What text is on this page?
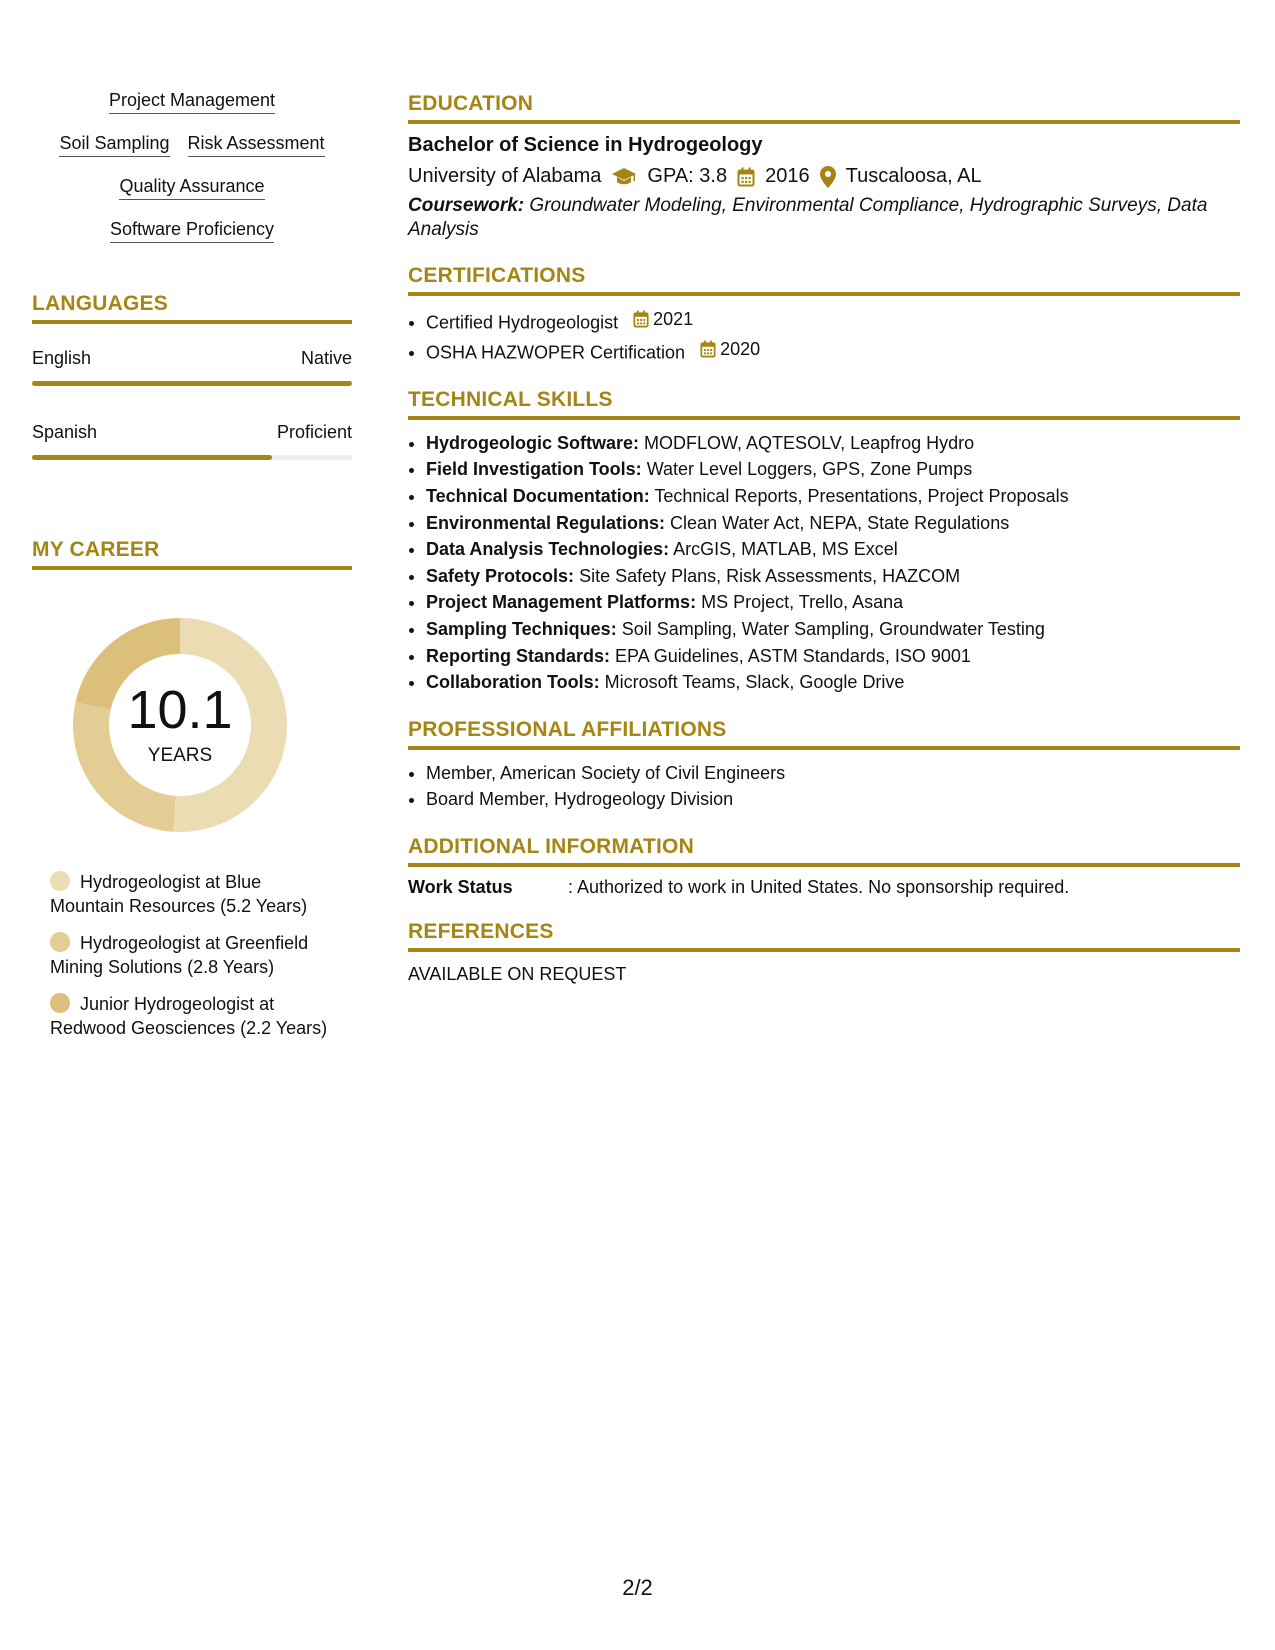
Project Management
Soil Sampling Risk Assessment
Quality Assurance
Software Proficiency
LANGUAGES
English	Native
Spanish	Proficient
MY CAREER
10.1
YEARS
Hydrogeologist at Blue Mountain Resources (5.2 Years)
Hydrogeologist at Greenfield Mining Solutions (2.8 Years)
Junior Hydrogeologist at Redwood Geosciences (2.2 Years)
EDUCATION
Bachelor of Science in Hydrogeology
University of Alabama GPA: 3.8 2016 Tuscaloosa, AL
Coursework: Groundwater Modeling, Environmental Compliance, Hydrographic Surveys, Data Analysis
CERTIFICATIONS
• Certified Hydrogeologist 2021
• OSHA HAZWOPER Certification 2020
TECHNICAL SKILLS
• Hydrogeologic Software: MODFLOW, AQTESOLV, Leapfrog Hydro
• Field Investigation Tools: Water Level Loggers, GPS, Zone Pumps
• Technical Documentation: Technical Reports, Presentations, Project Proposals
• Environmental Regulations: Clean Water Act, NEPA, State Regulations
• Data Analysis Technologies: ArcGIS, MATLAB, MS Excel
• Safety Protocols: Site Safety Plans, Risk Assessments, HAZCOM
• Project Management Platforms: MS Project, Trello, Asana
• Sampling Techniques: Soil Sampling, Water Sampling, Groundwater Testing
• Reporting Standards: EPA Guidelines, ASTM Standards, ISO 9001
• Collaboration Tools: Microsoft Teams, Slack, Google Drive
PROFESSIONAL AFFILIATIONS
• Member, American Society of Civil Engineers
• Board Member, Hydrogeology Division
ADDITIONAL INFORMATION
Work Status	: Authorized to work in United States. No sponsorship required.
REFERENCES
AVAILABLE ON REQUEST
2/2
